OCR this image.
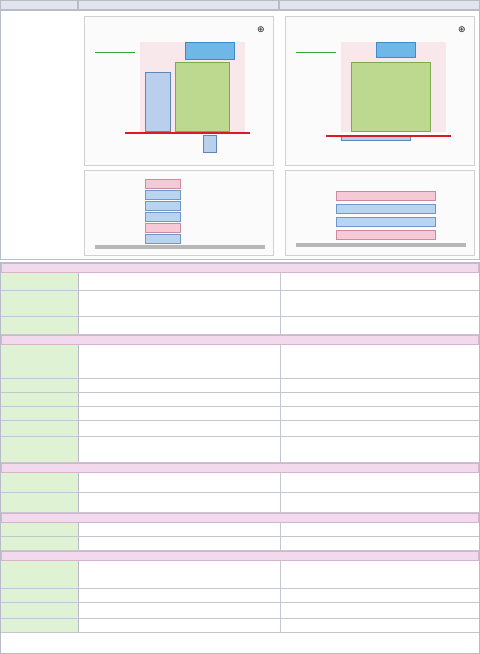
⊕	⊕
